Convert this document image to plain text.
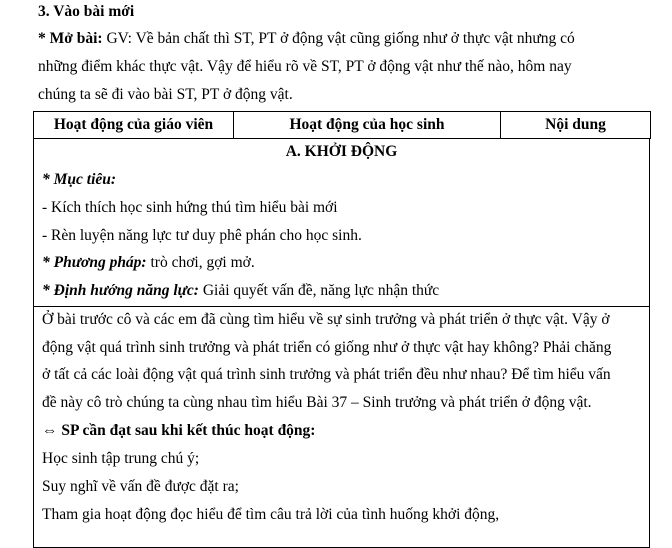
3. Vào bài mới
* Mở bài: GV: Về bản chất thì ST, PT ở động vật cũng giống như ở thực vật nhưng có
những điểm khác thực vật. Vậy để hiểu rõ về ST, PT ở động vật như thế nào, hôm nay
chúng ta sẽ đi vào bài ST, PT ở động vật.
Hoạt động của giáo viên	Hoạt động của học sinh	Nội dung
A. KHỞI ĐỘNG
* Mục tiêu:
- Kích thích học sinh hứng thú tìm hiểu bài mới
- Rèn luyện năng lực tư duy phê phán cho học sinh.
* Phương pháp: trò chơi, gợi mở.
* Định hướng năng lực: Giải quyết vấn đề, năng lực nhận thức
Ở bài trước cô và các em đã cùng tìm hiểu về sự sinh trưởng và phát triển ở thực vật. Vậy ở
động vật quá trình sinh trưởng và phát triển có giống như ở thực vật hay không? Phải chăng
ở tất cả các loài động vật quá trình sinh trưởng và phát triển đều như nhau? Để tìm hiểu vấn
đề này cô trò chúng ta cùng nhau tìm hiểu Bài 37 – Sinh trưởng và phát triển ở động vật.
⇔ SP cần đạt sau khi kết thúc hoạt động:
Học sinh tập trung chú ý;
Suy nghĩ về vấn đề được đặt ra;
Tham gia hoạt động đọc hiểu để tìm câu trả lời của tình huống khởi động,
